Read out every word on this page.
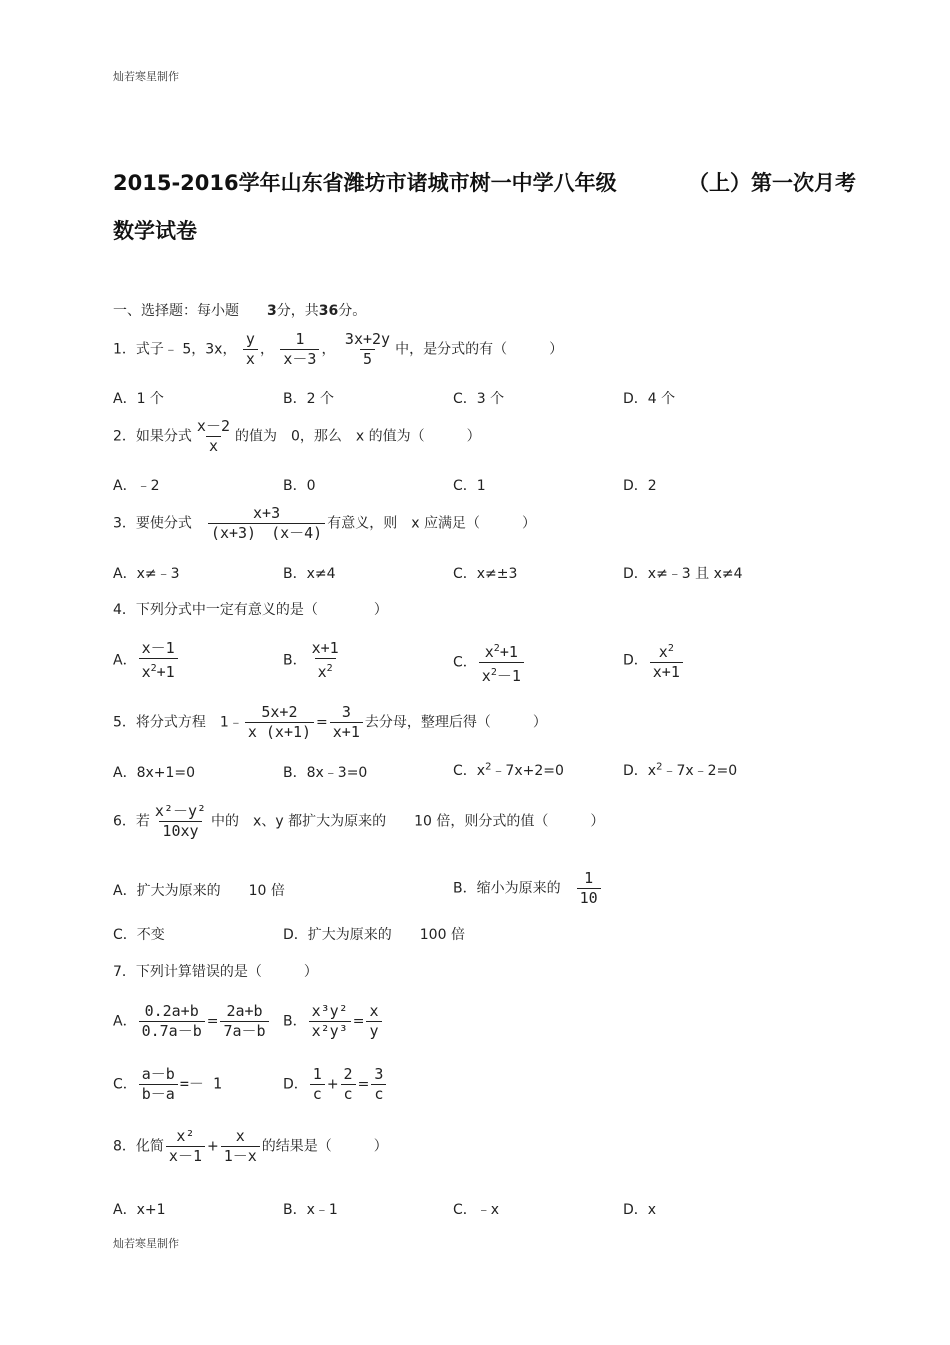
灿若寒星制作
2015-2016学年山东省潍坊市诸城市树一中学八年级	（上）第一次月考
数学试卷
一、选择题：每小题　　 3分，共36分。
1．式子﹣ 5，3x， $\frac{y}{x}$ ， $\frac{1}{x-3}$ ， $\frac{3x+2y}{5}$ 中，是分式的有（　　　）
A．1 个	B．2 个	C．3 个	D．4 个
2．如果分式 $\frac{x-2}{x}$ 的值为　0，那么　x 的值为（　　　）
A．﹣2	B．0	C．1	D．2
3．要使分式　 $\frac{x+3}{(x+3) (x-4)}$ 有意义，则　x 应满足（　　　）
A．x≠﹣3	B．x≠4	C．x≠±3	D．x≠﹣3 且 x≠4
4．下列分式中一定有意义的是（　　　　）
A． $\frac{x-1}{x^2+1}$	B． $\frac{x+1}{x^2}$	C． $\frac{x^2+1}{x^2-1}$	D． $\frac{x^2}{x+1}$
5．将分式方程　1﹣ $\frac{5x+2}{x (x+1)} = \frac{3}{x+1}$ 去分母，整理后得（　　　）
A．8x+1=0	B．8x﹣3=0	C．$x^2﹣7x+2=0$	D．$x^2﹣7x﹣2=0$
6．若 $\frac{\text{x²－y²}}{10xy}$ 中的　x、y 都扩大为原来的　　10 倍，则分式的值（　　　）
A．扩大为原来的　　10 倍	B．缩小为原来的　 $\frac{1}{10}$
C．不变	D．扩大为原来的　　100 倍
7．下列计算错误的是（　　　）
A． $\frac{0.2a+b}{0.7a-b} = \frac{2a+b}{7a-b}$ B． $\frac{\text{x³y²}}{\text{x²y³}} = \frac{x}{y}$
C． $\frac{a-b}{b-a} =- 1$	D． $\frac{1}{c} + \frac{2}{c} = \frac{3}{c}$
8．化简 $\frac{\text{x²}}{x-1} + \frac{x}{1-x}$ 的结果是（　　　）
A．x+1	B．x﹣1	C．﹣x	D．x
灿若寒星制作
